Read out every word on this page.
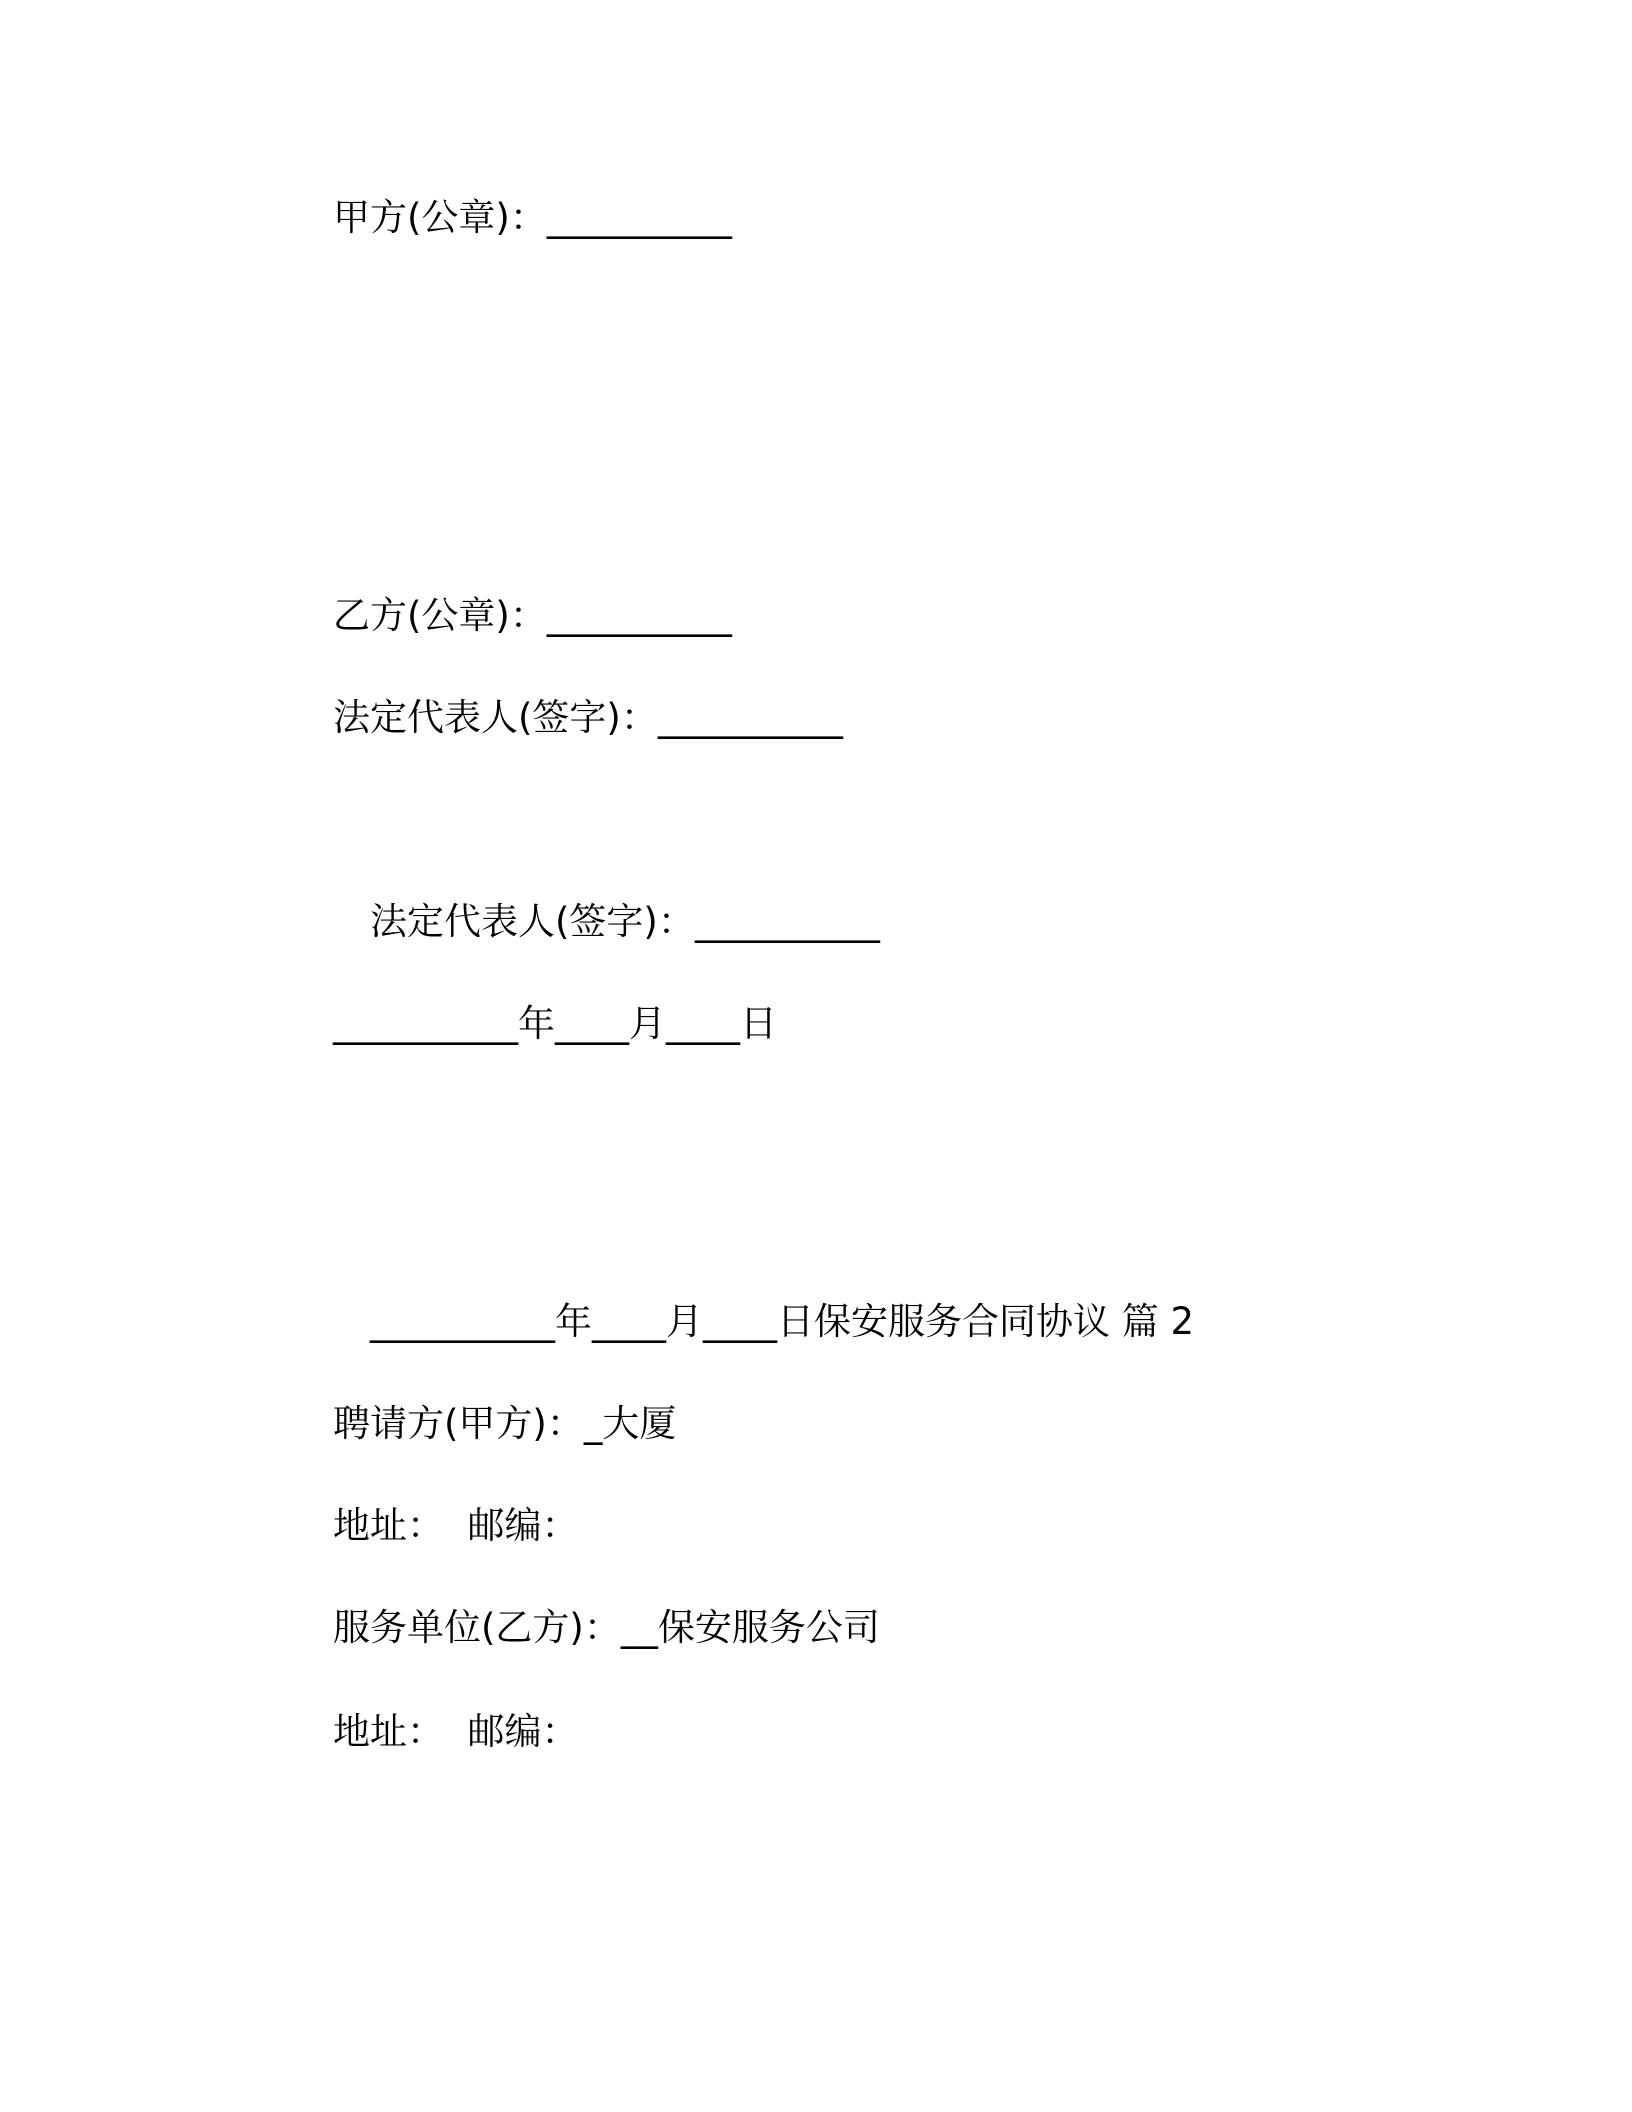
甲方(公章)：__________
乙方(公章)：__________
法定代表人(签字)：__________
法定代表人(签字)：__________
__________年____月____日
__________年____月____日保安服务合同协议 篇 2
聘请方(甲方)：_大厦
地址：  邮编：
服务单位(乙方)：__保安服务公司
地址：  邮编：
